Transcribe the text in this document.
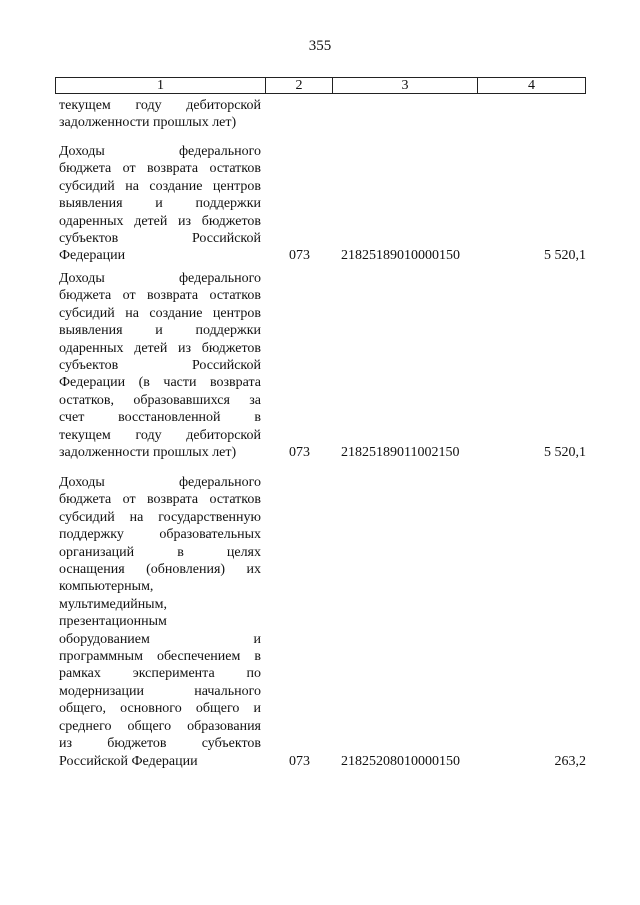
355
1	2	3	4
текущем году дебиторской
задолженности прошлых лет)
Доходы федерального
бюджета от возврата остатков
субсидий на создание центров
выявления и поддержки
одаренных детей из бюджетов
субъектов Российской
Федерации	073 21825189010000150	5 520,1
Доходы федерального
бюджета от возврата остатков
субсидий на создание центров
выявления и поддержки
одаренных детей из бюджетов
субъектов Российской
Федерации (в части возврата
остатков, образовавшихся за
счет восстановленной в
текущем году дебиторской
задолженности прошлых лет)	073 21825189011002150	5 520,1
Доходы федерального
бюджета от возврата остатков
субсидий на государственную
поддержку образовательных
организаций в целях
оснащения (обновления) их
компьютерным,
мультимедийным,
презентационным
оборудованием и
программным обеспечением в
рамках эксперимента по
модернизации начального
общего, основного общего и
среднего общего образования
из бюджетов субъектов
Российской Федерации	073 21825208010000150	263,2
